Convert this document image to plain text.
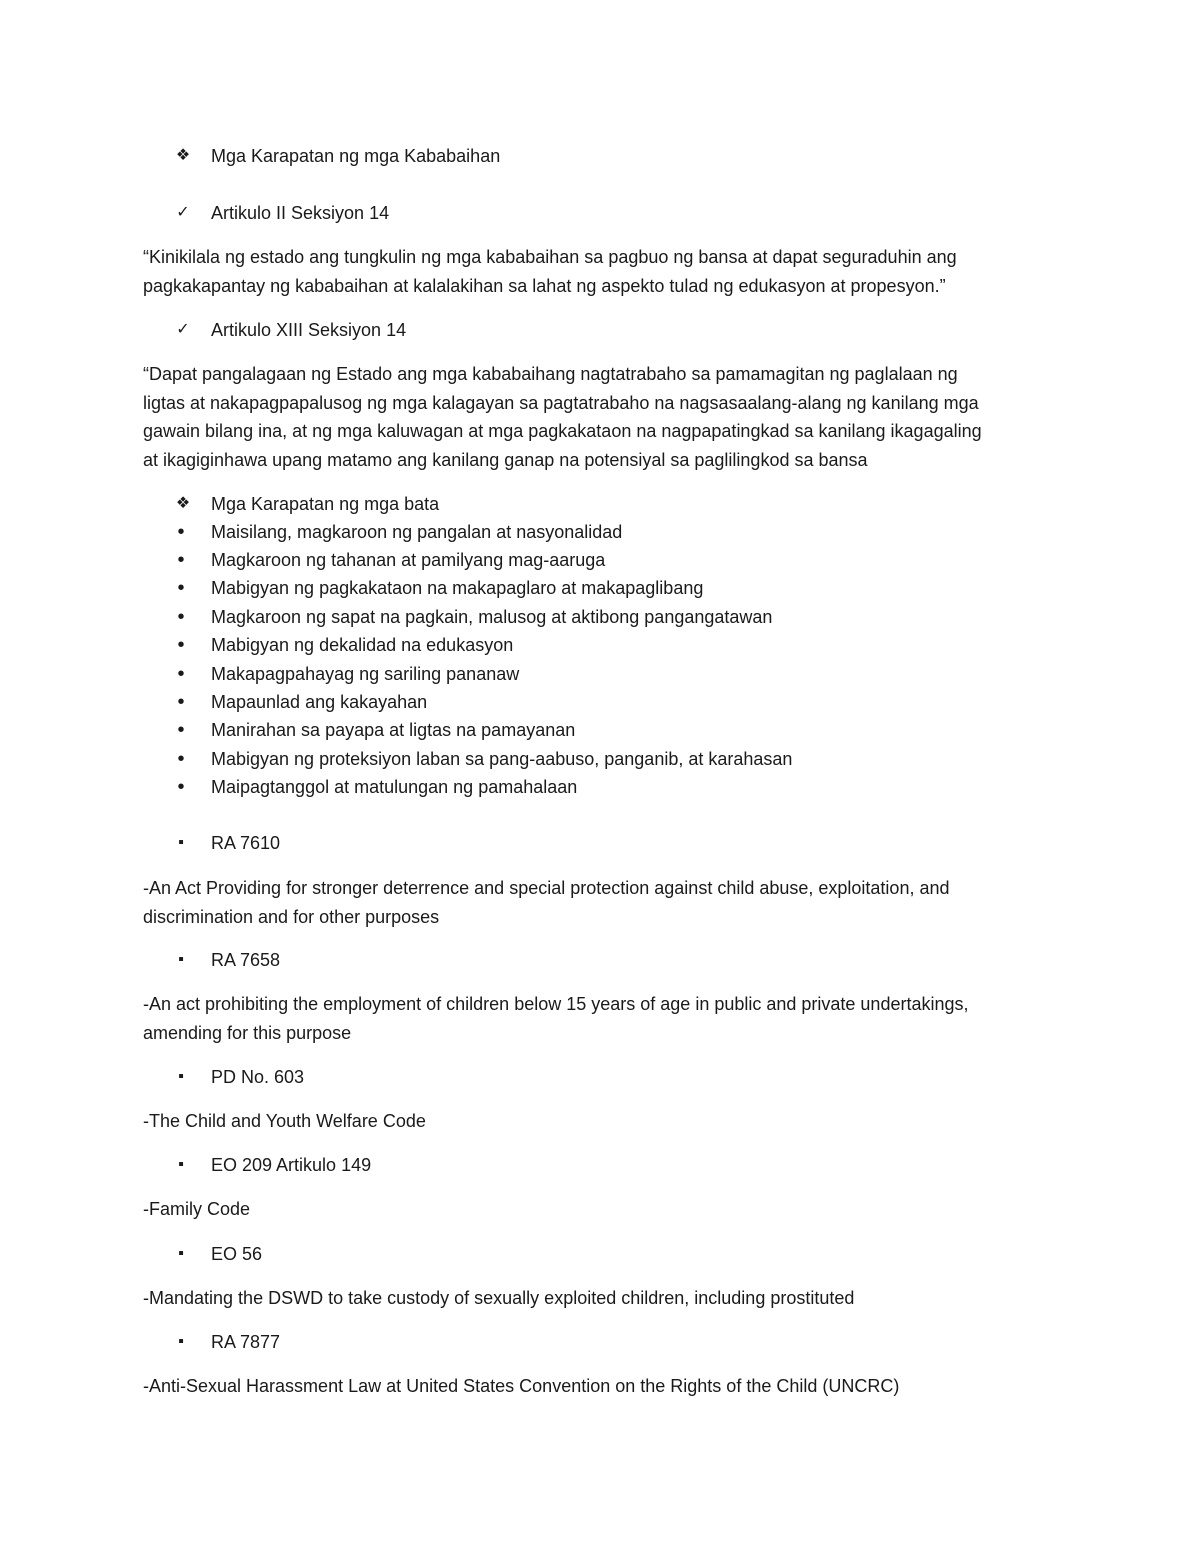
❖	Mga Karapatan ng mga Kababaihan
✓	Artikulo II Seksiyon 14
“Kinikilala ng estado ang tungkulin ng mga kababaihan sa pagbuo ng bansa at dapat seguraduhin ang
pagkakapantay ng kababaihan at kalalakihan sa lahat ng aspekto tulad ng edukasyon at propesyon.”
✓	Artikulo XIII Seksiyon 14
“Dapat pangalagaan ng Estado ang mga kababaihang nagtatrabaho sa pamamagitan ng paglalaan ng
ligtas at nakapagpapalusog ng mga kalagayan sa pagtatrabaho na nagsasaalang-alang ng kanilang mga
gawain bilang ina, at ng mga kaluwagan at mga pagkakataon na nagpapatingkad sa kanilang ikagagaling
at ikagiginhawa upang matamo ang kanilang ganap na potensiyal sa paglilingkod sa bansa
❖	Mga Karapatan ng mga bata
•	Maisilang, magkaroon ng pangalan at nasyonalidad
•	Magkaroon ng tahanan at pamilyang mag-aaruga
•	Mabigyan ng pagkakataon na makapaglaro at makapaglibang
•	Magkaroon ng sapat na pagkain, malusog at aktibong pangangatawan
•	Mabigyan ng dekalidad na edukasyon
•	Makapagpahayag ng sariling pananaw
•	Mapaunlad ang kakayahan
•	Manirahan sa payapa at ligtas na pamayanan
•	Mabigyan ng proteksiyon laban sa pang-aabuso, panganib, at karahasan
•	Maipagtanggol at matulungan ng pamahalaan
▪	RA 7610
-An Act Providing for stronger deterrence and special protection against child abuse, exploitation, and
discrimination and for other purposes
▪	RA 7658
-An act prohibiting the employment of children below 15 years of age in public and private undertakings,
amending for this purpose
▪	PD No. 603
-The Child and Youth Welfare Code
▪	EO 209 Artikulo 149
-Family Code
▪	EO 56
-Mandating the DSWD to take custody of sexually exploited children, including prostituted
▪	RA 7877
-Anti-Sexual Harassment Law at United States Convention on the Rights of the Child (UNCRC)
